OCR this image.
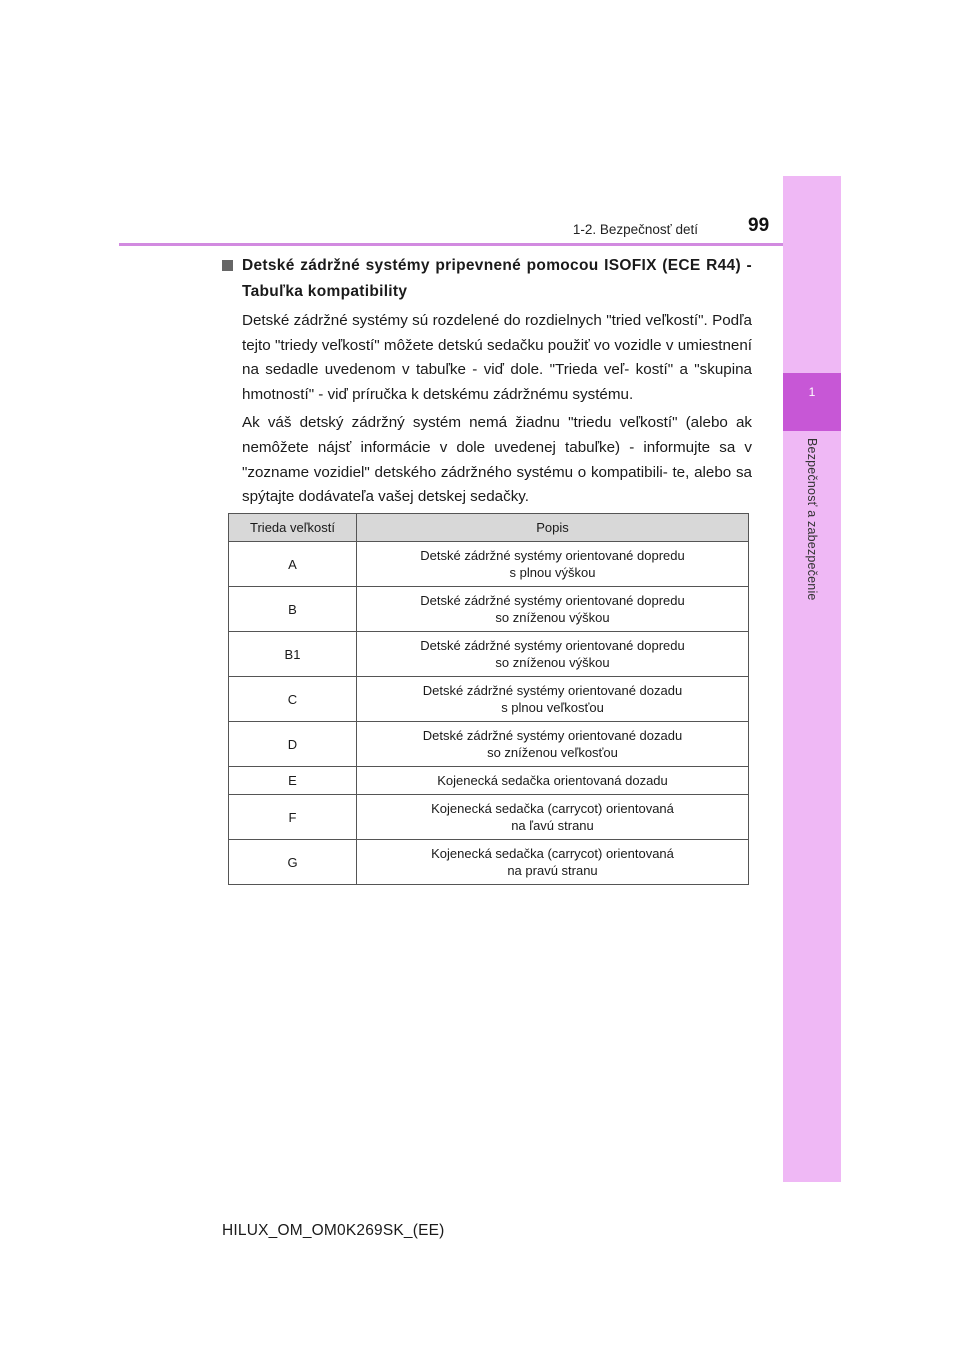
1
Bezpečnosť a zabezpečenie
1-2. Bezpečnosť detí	99
Detské zádržné systémy pripevnené pomocou ISOFIX (ECE R44) - Tabuľka kompatibility

Detské zádržné systémy sú rozdelené do rozdielnych "tried veľkostí". Podľa tejto "triedy veľkostí" môžete detskú sedačku použiť vo vozidle v umiestnení na sedadle uvedenom v tabuľke - viď dole. "Trieda veľ- kostí" a "skupina hmotností" - viď príručka k detskému zádržnému systému.

Ak váš detský zádržný systém nemá žiadnu "triedu veľkostí" (alebo ak nemôžete nájsť informácie v dole uvedenej tabuľke) - informujte sa v "zozname vozidiel" detského zádržného systému o kompatibili- te, alebo sa spýtajte dodávateľa vašej detskej sedačky.

Trieda veľkostí	Popis
A	Detské zádržné systémy orientované dopredu
s plnou výškou
B	Detské zádržné systémy orientované dopredu
so zníženou výškou
B1	Detské zádržné systémy orientované dopredu
so zníženou výškou
C	Detské zádržné systémy orientované dozadu
s plnou veľkosťou
D	Detské zádržné systémy orientované dozadu
so zníženou veľkosťou
E	Kojenecká sedačka orientovaná dozadu
F	Kojenecká sedačka (carrycot) orientovaná
na ľavú stranu
G	Kojenecká sedačka (carrycot) orientovaná
na pravú stranu
HILUX_OM_OM0K269SK_(EE)
